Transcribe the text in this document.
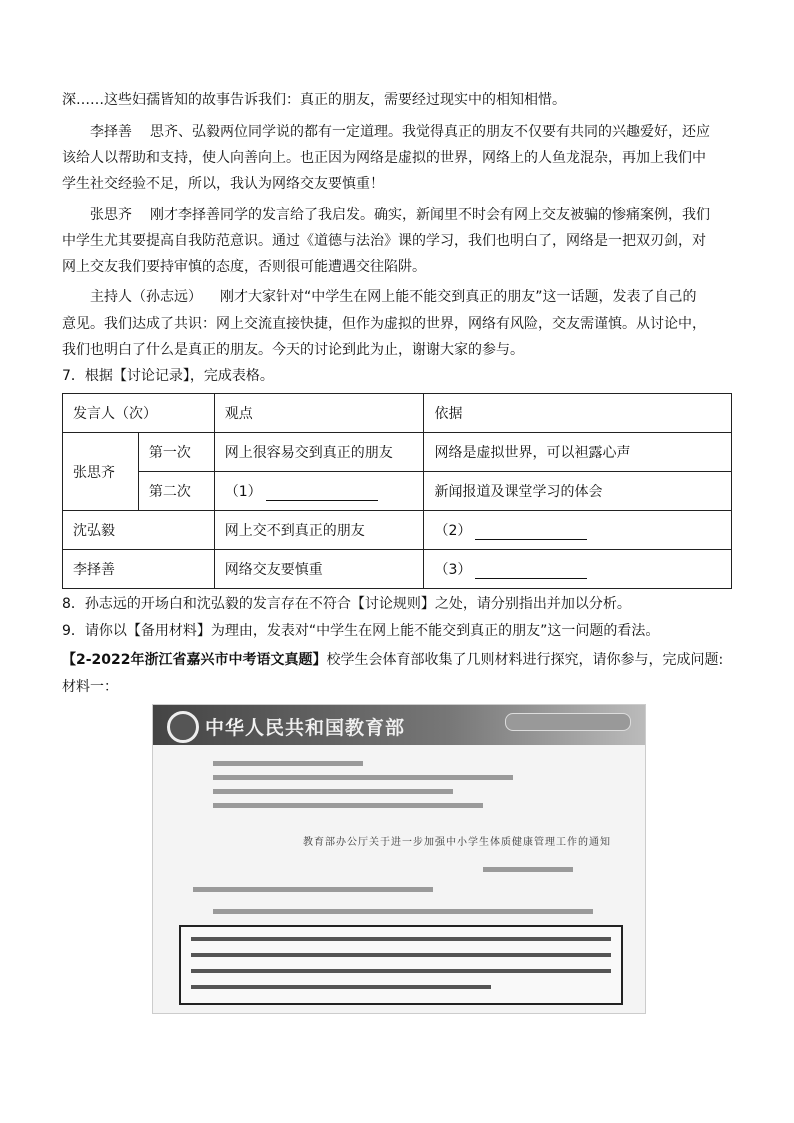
深……这些妇孺皆知的故事告诉我们：真正的朋友，需要经过现实中的相知相惜。
李择善 思齐、弘毅两位同学说的都有一定道理。我觉得真正的朋友不仅要有共同的兴趣爱好，还应
该给人以帮助和支持，使人向善向上。也正因为网络是虚拟的世界，网络上的人鱼龙混杂，再加上我们中
学生社交经验不足，所以，我认为网络交友要慎重！
张思齐 刚才李择善同学的发言给了我启发。确实，新闻里不时会有网上交友被骗的惨痛案例，我们
中学生尤其要提高自我防范意识。通过《道德与法治》课的学习，我们也明白了，网络是一把双刃剑，对
网上交友我们要持审慎的态度，否则很可能遭遇交往陷阱。
主持人（孙志远） 刚才大家针对“中学生在网上能不能交到真正的朋友”这一话题，发表了自己的
意见。我们达成了共识：网上交流直接快捷，但作为虚拟的世界，网络有风险，交友需谨慎。从讨论中，
我们也明白了什么是真正的朋友。今天的讨论到此为止，谢谢大家的参与。
7．根据【讨论记录】，完成表格。
发言人（次）		观点	依据
张思齐	第一次	网上很容易交到真正的朋友	网络是虚拟世界，可以袒露心声
	第二次	（1）	新闻报道及课堂学习的体会
沈弘毅		网上交不到真正的朋友	（2）
李择善		网络交友要慎重	（3）
8．孙志远的开场白和沈弘毅的发言存在不符合【讨论规则】之处，请分别指出并加以分析。
9．请你以【备用材料】为理由，发表对“中学生在网上能不能交到真正的朋友”这一问题的看法。
【2-2022年浙江省嘉兴市中考语文真题】校学生会体育部收集了几则材料进行探究，请你参与，完成问题:
材料一：
中华人民共和国教育部
教育部办公厅关于进一步加强中小学生体质健康管理工作的通知
